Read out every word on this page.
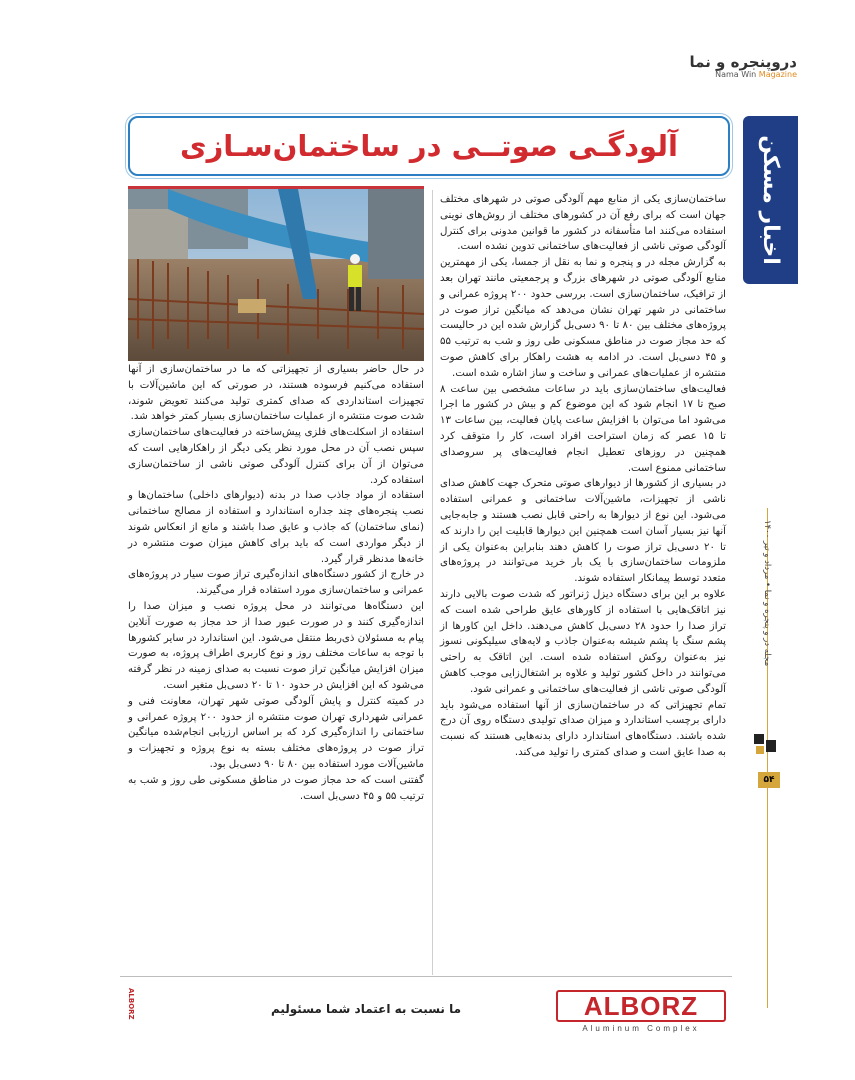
دروپنجره و نما
Nama Win Magazine
اخبار مسکن
آلودگـی صوتــی در ساختمان‌سـازی

ساختمان‌سازی یکی از منابع مهم آلودگی صوتی در شهرهای مختلف جهان است که برای رفع آن در کشورهای مختلف از روش‌های نوینی استفاده می‌کنند اما متأسفانه در کشور ما قوانین مدونی برای کنترل آلودگی صوتی ناشی از فعالیت‌های ساختمانی تدوین نشده است.

به گزارش مجله در و پنجره و نما به نقل از جمسا، یکی از مهمترین منابع آلودگی صوتی در شهرهای بزرگ و پرجمعیتی مانند تهران بعد از ترافیک، ساختمان‌سازی است. بررسی حدود ۲۰۰ پروژه عمرانی و ساختمانی در شهر تهران نشان می‌دهد که میانگین تراز صوت در پروژه‌های مختلف بین ۸۰ تا ۹۰ دسی‌بل گزارش شده این در حالیست که حد مجاز صوت در مناطق مسکونی طی روز و شب به ترتیب ۵۵ و ۴۵ دسی‌بل است. در ادامه به هشت راهکار برای کاهش صوت منتشره از عملیات‌های عمرانی و ساخت و ساز اشاره شده است.

فعالیت‌های ساختمان‌سازی باید در ساعات مشخصی بین ساعت ۸ صبح تا ۱۷ انجام شود که این موضوع کم و بیش در کشور ما اجرا می‌شود اما می‌توان با افزایش ساعت پایان فعالیت، بین ساعات ۱۳ تا ۱۵ عصر که زمان استراحت افراد است، کار را متوقف کرد همچنین در روزهای تعطیل انجام فعالیت‌های پر سروصدای ساختمانی ممنوع است.

در بسیاری از کشورها از دیوارهای صوتی متحرک جهت کاهش صدای ناشی از تجهیزات، ماشین‌آلات ساختمانی و عمرانی استفاده می‌شود. این نوع از دیوارها به راحتی قابل نصب هستند و جابه‌جایی آنها نیز بسیار آسان است همچنین این دیوارها قابلیت این را دارند که تا ۲۰ دسی‌بل تراز صوت را کاهش دهند بنابراین به‌عنوان یکی از ملزومات ساختمان‌سازی با یک بار خرید می‌توانند در پروژه‌های متعدد توسط پیمانکار استفاده شوند.

علاوه بر این برای دستگاه دیزل ژنراتور که شدت صوت بالایی دارند نیز اتاقک‌هایی با استفاده از کاورهای عایق طراحی شده است که تراز صدا را حدود ۲۸ دسی‌بل کاهش می‌دهند. داخل این کاورها از پشم سنگ یا پشم شیشه به‌عنوان جاذب و لایه‌های سیلیکونی نسوز نیز به‌عنوان روکش استفاده شده است. این اتاقک به راحتی می‌توانند در داخل کشور تولید و علاوه بر اشتغال‌زایی موجب کاهش آلودگی صوتی ناشی از فعالیت‌های ساختمانی و عمرانی شود.

تمام تجهیزاتی که در ساختمان‌سازی از آنها استفاده می‌شود باید دارای برچسب استاندارد و میزان صدای تولیدی دستگاه روی آن درج شده باشند. دستگاه‌های استاندارد دارای بدنه‌هایی هستند که نسبت به صدا عایق است و صدای کمتری را تولید می‌کند.

در حال حاضر بسیاری از تجهیزاتی که ما در ساختمان‌سازی از آنها استفاده می‌کنیم فرسوده هستند، در صورتی که این ماشین‌آلات با تجهیزات استانداردی که صدای کمتری تولید می‌کنند تعویض شوند، شدت صوت منتشره از عملیات ساختمان‌سازی بسیار کمتر خواهد شد.

استفاده از اسکلت‌های فلزی پیش‌ساخته در فعالیت‌های ساختمان‌سازی سپس نصب آن در محل مورد نظر یکی دیگر از راهکارهایی است که می‌توان از آن برای کنترل آلودگی صوتی ناشی از ساختمان‌سازی استفاده کرد.

استفاده از مواد جاذب صدا در بدنه (دیوارهای داخلی) ساختمان‌ها و نصب پنجره‌های چند جداره استاندارد و استفاده از مصالح ساختمانی (نمای ساختمان) که جاذب و عایق صدا باشند و مانع از انعکاس شوند از دیگر مواردی است که باید برای کاهش میزان صوت منتشره در خانه‌ها مدنظر قرار گیرد.

در خارج از کشور دستگاه‌های اندازه‌گیری تراز صوت سیار در پروژه‌های عمرانی و ساختمان‌سازی مورد استفاده قرار می‌گیرند.

این دستگاه‌ها می‌توانند در محل پروژه نصب و میزان صدا را اندازه‌گیری کنند و در صورت عبور صدا از حد مجاز به صورت آنلاین پیام به مسئولان ذی‌ربط منتقل می‌شود. این استاندارد در سایر کشورها با توجه به ساعات مختلف روز و نوع کاربری اطراف پروژه، به صورت میزان افزایش میانگین تراز صوت نسبت به صدای زمینه در نظر گرفته می‌شود که این افزایش در حدود ۱۰ تا ۲۰ دسی‌بل متغیر است.

در کمیته کنترل و پایش آلودگی صوتی شهر تهران، معاونت فنی و عمرانی شهرداری تهران صوت منتشره از حدود ۲۰۰ پروژه عمرانی و ساختمانی را اندازه‌گیری کرد که بر اساس ارزیابی انجام‌شده میانگین تراز صوت در پروژه‌های مختلف بسته به نوع پروژه و تجهیزات و ماشین‌آلات مورد استفاده بین ۸۰ تا ۹۰ دسی‌بل بود.

گفتنی است که حد مجاز صوت در مناطق مسکونی طی روز و شب به ترتیب ۵۵ و ۴۵ دسی‌بل است.

مجله در و پنجره و نما • مرداد و تیر ۱۴۰۰
۵۴
ALBORZ
Aluminum Complex
ما نسبت به اعتماد شما مسئولیم
ALBORZ
